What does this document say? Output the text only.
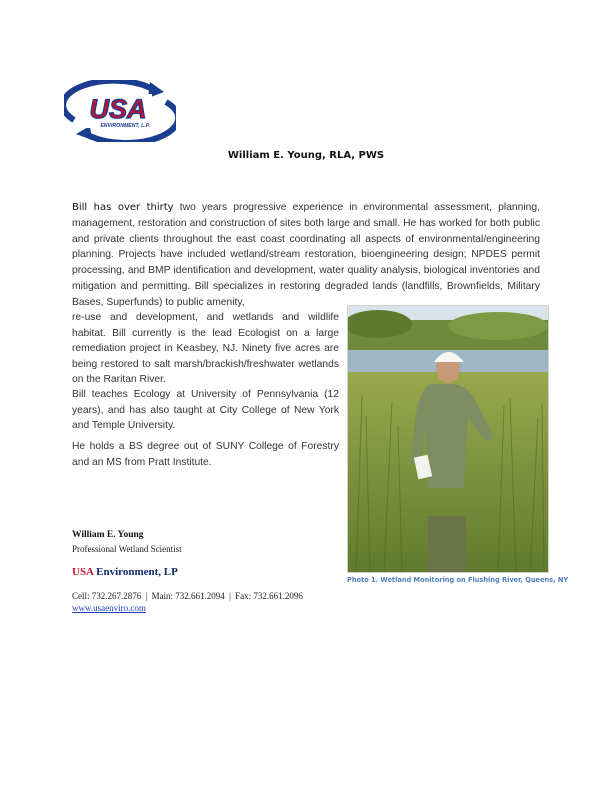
USA
ENVIRONMENT, L.P.
William E. Young, RLA, PWS

Bill has over thirty two years progressive experience in environmental assessment, planning, management, restoration and construction of sites both large and small. He has worked for both public and private clients throughout the east coast coordinating all aspects of environmental/engineering planning. Projects have included wetland/stream restoration, bioengineering design; NPDES permit processing, and BMP identification and development, water quality analysis, biological inventories and mitigation and permitting. Bill specializes in restoring degraded lands (landfills, Brownfields, Military Bases, Superfunds) to public amenity,

re-use and development, and wetlands and wildlife habitat. Bill currently is the lead Ecologist on a large remediation project in Keasbey, NJ. Ninety five acres are being restored to salt marsh/brackish/freshwater wetlands on the Raritan River.

Bill teaches Ecology at University of Pennsylvania (12 years), and has also taught at City College of New York and Temple University.

He holds a BS degree out of SUNY College of Forestry and an MS from Pratt Institute.

Photo 1. Wetland Monitoring on Flushing River, Queens, NY
William E. Young
Professional Wetland Scientist
USA Environment, LP
Cell: 732.267.2876 | Main: 732.661.2094 | Fax: 732.661.2096
www.usaenviro.com
